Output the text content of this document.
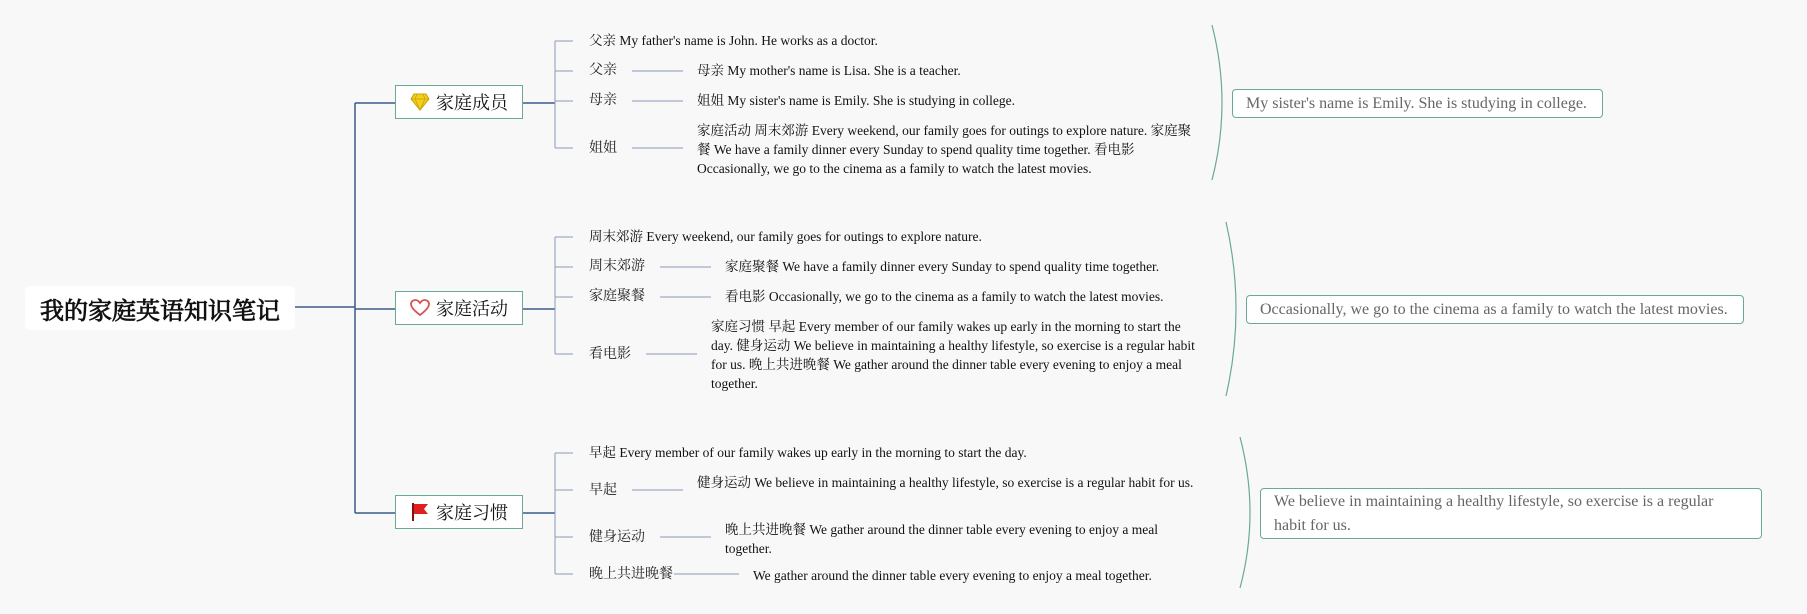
我的家庭英语知识笔记
家庭成员
父亲 My father's name is John. He works as a doctor.
父亲	母亲 My mother's name is Lisa. She is a teacher.
母亲	姐姐 My sister's name is Emily. She is studying in college.
姐姐
家庭活动 周末郊游 Every weekend, our family goes for outings to explore nature. 家庭聚餐 We have a family dinner every Sunday to spend quality time together. 看电影 Occasionally, we go to the cinema as a family to watch the latest movies.
My sister's name is Emily. She is studying in college.
家庭活动
周末郊游 Every weekend, our family goes for outings to explore nature.
周末郊游	家庭聚餐 We have a family dinner every Sunday to spend quality time together.
家庭聚餐	看电影 Occasionally, we go to the cinema as a family to watch the latest movies.
看电影
家庭习惯 早起 Every member of our family wakes up early in the morning to start the day. 健身运动 We believe in maintaining a healthy lifestyle, so exercise is a regular habit for us. 晚上共进晚餐 We gather around the dinner table every evening to enjoy a meal together.
Occasionally, we go to the cinema as a family to watch the latest movies.
家庭习惯
早起 Every member of our family wakes up early in the morning to start the day.
早起	健身运动 We believe in maintaining a healthy lifestyle, so exercise is a regular habit for us.
健身运动	晚上共进晚餐 We gather around the dinner table every evening to enjoy a meal together.
晚上共进晚餐	We gather around the dinner table every evening to enjoy a meal together.
We believe in maintaining a healthy lifestyle, so exercise is a regular habit for us.
